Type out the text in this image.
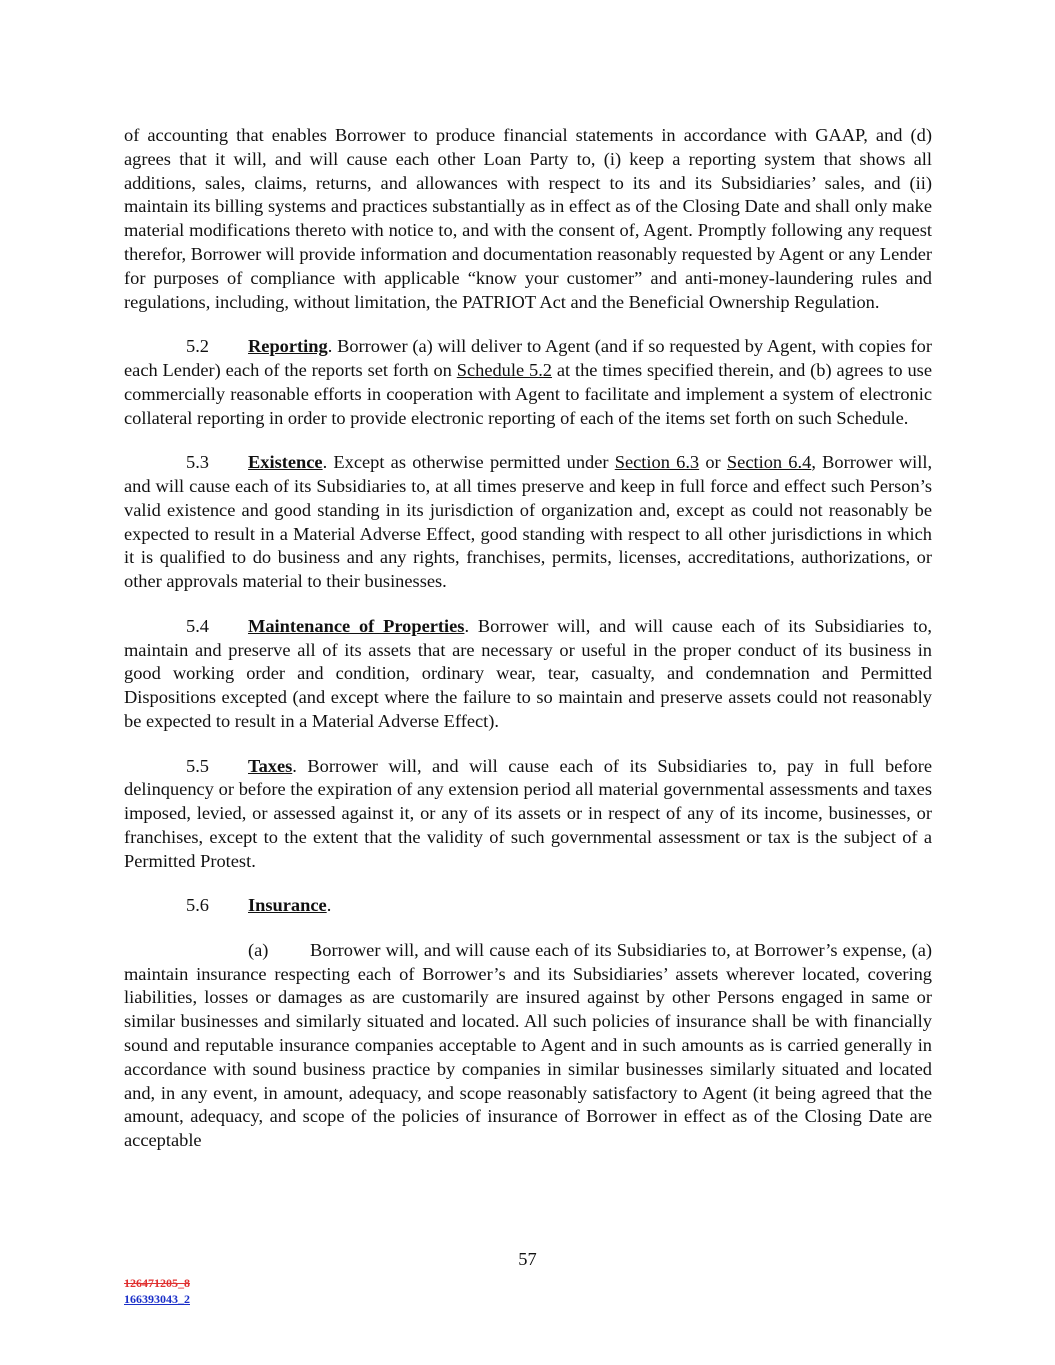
of accounting that enables Borrower to produce financial statements in accordance with GAAP, and (d) agrees that it will, and will cause each other Loan Party to, (i) keep a reporting system that shows all additions, sales, claims, returns, and allowances with respect to its and its Subsidiaries’ sales, and (ii) maintain its billing systems and practices substantially as in effect as of the Closing Date and shall only make material modifications thereto with notice to, and with the consent of, Agent. Promptly following any request therefor, Borrower will provide information and documentation reasonably requested by Agent or any Lender for purposes of compliance with applicable “know your customer” and anti-money-laundering rules and regulations, including, without limitation, the PATRIOT Act and the Beneficial Ownership Regulation.

5.2 Reporting. Borrower (a) will deliver to Agent (and if so requested by Agent, with copies for each Lender) each of the reports set forth on Schedule 5.2 at the times specified therein, and (b) agrees to use commercially reasonable efforts in cooperation with Agent to facilitate and implement a system of electronic collateral reporting in order to provide electronic reporting of each of the items set forth on such Schedule.

5.3 Existence. Except as otherwise permitted under Section 6.3 or Section 6.4, Borrower will, and will cause each of its Subsidiaries to, at all times preserve and keep in full force and effect such Person’s valid existence and good standing in its jurisdiction of organization and, except as could not reasonably be expected to result in a Material Adverse Effect, good standing with respect to all other jurisdictions in which it is qualified to do business and any rights, franchises, permits, licenses, accreditations, authorizations, or other approvals material to their businesses.

5.4 Maintenance of Properties. Borrower will, and will cause each of its Subsidiaries to, maintain and preserve all of its assets that are necessary or useful in the proper conduct of its business in good working order and condition, ordinary wear, tear, casualty, and condemnation and Permitted Dispositions excepted (and except where the failure to so maintain and preserve assets could not reasonably be expected to result in a Material Adverse Effect).

5.5 Taxes. Borrower will, and will cause each of its Subsidiaries to, pay in full before delinquency or before the expiration of any extension period all material governmental assessments and taxes imposed, levied, or assessed against it, or any of its assets or in respect of any of its income, businesses, or franchises, except to the extent that the validity of such governmental assessment or tax is the subject of a Permitted Protest.

5.6 Insurance.

(a) Borrower will, and will cause each of its Subsidiaries to, at Borrower’s expense, (a) maintain insurance respecting each of Borrower’s and its Subsidiaries’ assets wherever located, covering liabilities, losses or damages as are customarily are insured against by other Persons engaged in same or similar businesses and similarly situated and located. All such policies of insurance shall be with financially sound and reputable insurance companies acceptable to Agent and in such amounts as is carried generally in accordance with sound business practice by companies in similar businesses similarly situated and located and, in any event, in amount, adequacy, and scope reasonably satisfactory to Agent (it being agreed that the amount, adequacy, and scope of the policies of insurance of Borrower in effect as of the Closing Date are acceptable

57
126471205_8
166393043_2
